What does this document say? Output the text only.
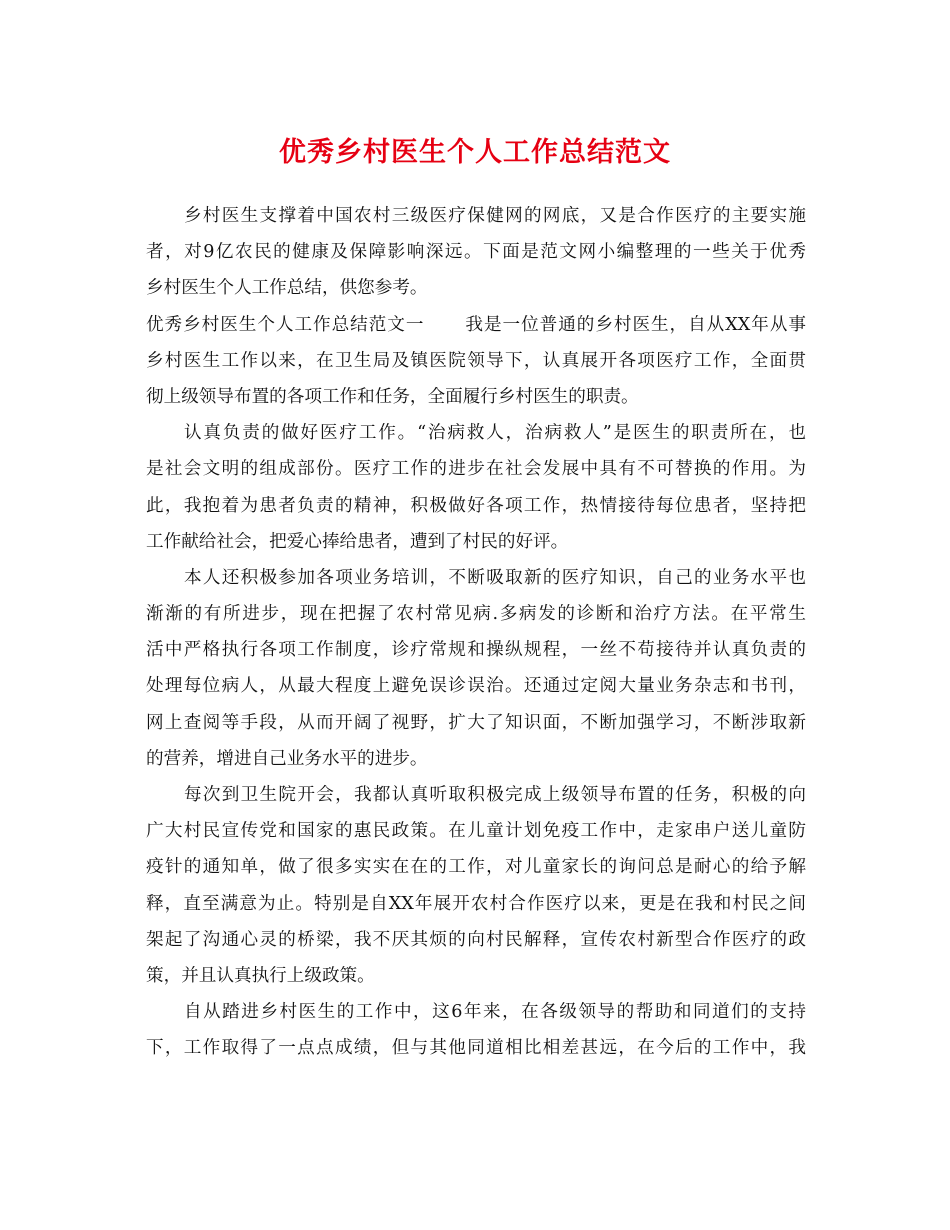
优秀乡村医生个人工作总结范文
乡村医生支撑着中国农村三级医疗保健网的网底，又是合作医疗的主要实施
者，对9亿农民的健康及保障影响深远。下面是范文网小编整理的一些关于优秀
乡村医生个人工作总结，供您参考。
优秀乡村医生个人工作总结范文一 我是一位普通的乡村医生，自从XX年从事
乡村医生工作以来，在卫生局及镇医院领导下，认真展开各项医疗工作，全面贯
彻上级领导布置的各项工作和任务，全面履行乡村医生的职责。
认真负责的做好医疗工作。“治病救人，治病救人”是医生的职责所在，也
是社会文明的组成部份。医疗工作的进步在社会发展中具有不可替换的作用。为
此，我抱着为患者负责的精神，积极做好各项工作，热情接待每位患者，坚持把
工作献给社会，把爱心捧给患者，遭到了村民的好评。
本人还积极参加各项业务培训，不断吸取新的医疗知识，自己的业务水平也
渐渐的有所进步，现在把握了农村常见病.多病发的诊断和治疗方法。在平常生
活中严格执行各项工作制度，诊疗常规和操纵规程，一丝不苟接待并认真负责的
处理每位病人，从最大程度上避免误诊误治。还通过定阅大量业务杂志和书刊，
网上查阅等手段，从而开阔了视野，扩大了知识面，不断加强学习，不断涉取新
的营养，增进自己业务水平的进步。
每次到卫生院开会，我都认真听取积极完成上级领导布置的任务，积极的向
广大村民宣传党和国家的惠民政策。在儿童计划免疫工作中，走家串户送儿童防
疫针的通知单，做了很多实实在在的工作，对儿童家长的询问总是耐心的给予解
释，直至满意为止。特别是自XX年展开农村合作医疗以来，更是在我和村民之间
架起了沟通心灵的桥梁，我不厌其烦的向村民解释，宣传农村新型合作医疗的政
策，并且认真执行上级政策。
自从踏进乡村医生的工作中，这6年来，在各级领导的帮助和同道们的支持
下，工作取得了一点点成绩，但与其他同道相比相差甚远，在今后的工作中，我
